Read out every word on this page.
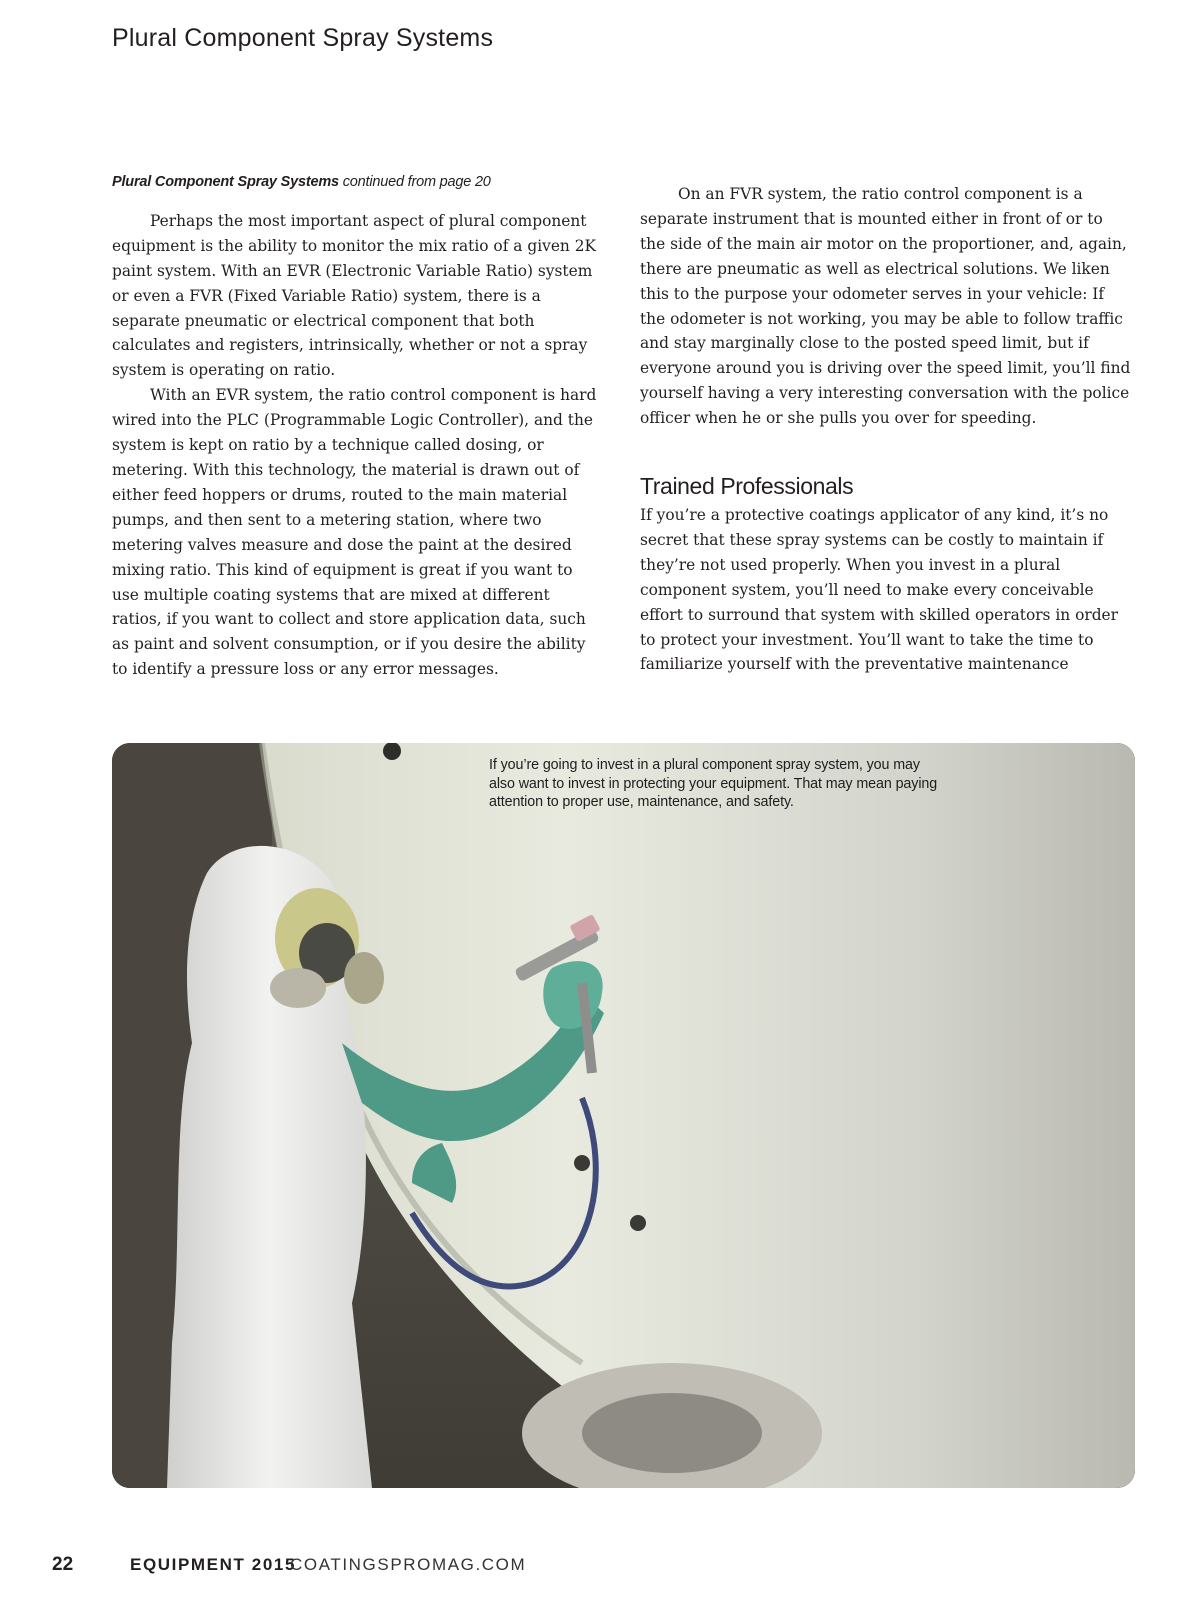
Plural Component Spray Systems
Plural Component Spray Systems continued from page 20

Perhaps the most important aspect of plural component equipment is the ability to monitor the mix ratio of a given 2K paint system. With an EVR (Electronic Variable Ratio) system or even a FVR (Fixed Variable Ratio) system, there is a separate pneumatic or electrical component that both calculates and registers, intrinsically, whether or not a spray system is operating on ratio.

With an EVR system, the ratio control component is hard wired into the PLC (Programmable Logic Controller), and the system is kept on ratio by a technique called dosing, or metering. With this technology, the material is drawn out of either feed hoppers or drums, routed to the main material pumps, and then sent to a metering station, where two metering valves measure and dose the paint at the desired mixing ratio. This kind of equipment is great if you want to use multiple coating systems that are mixed at different ratios, if you want to collect and store application data, such as paint and solvent consumption, or if you desire the ability to identify a pressure loss or any error messages.

On an FVR system, the ratio control component is a separate instrument that is mounted either in front of or to the side of the main air motor on the proportioner, and, again, there are pneumatic as well as electrical solutions. We liken this to the purpose your odometer serves in your vehicle: If the odometer is not working, you may be able to follow traffic and stay marginally close to the posted speed limit, but if everyone around you is driving over the speed limit, you’ll find yourself having a very interesting conversation with the police officer when he or she pulls you over for speeding.

Trained Professionals

If you’re a protective coatings applicator of any kind, it’s no secret that these spray systems can be costly to maintain if they’re not used properly. When you invest in a plural component system, you’ll need to make every conceivable effort to surround that system with skilled operators in order to protect your investment. You’ll want to take the time to familiarize yourself with the preventative maintenance

If you’re going to invest in a plural component spray system, you may also want to invest in protecting your equipment. That may mean paying attention to proper use, maintenance, and safety.
22	EQUIPMENT 2015
COATINGSPROMAG.COM
